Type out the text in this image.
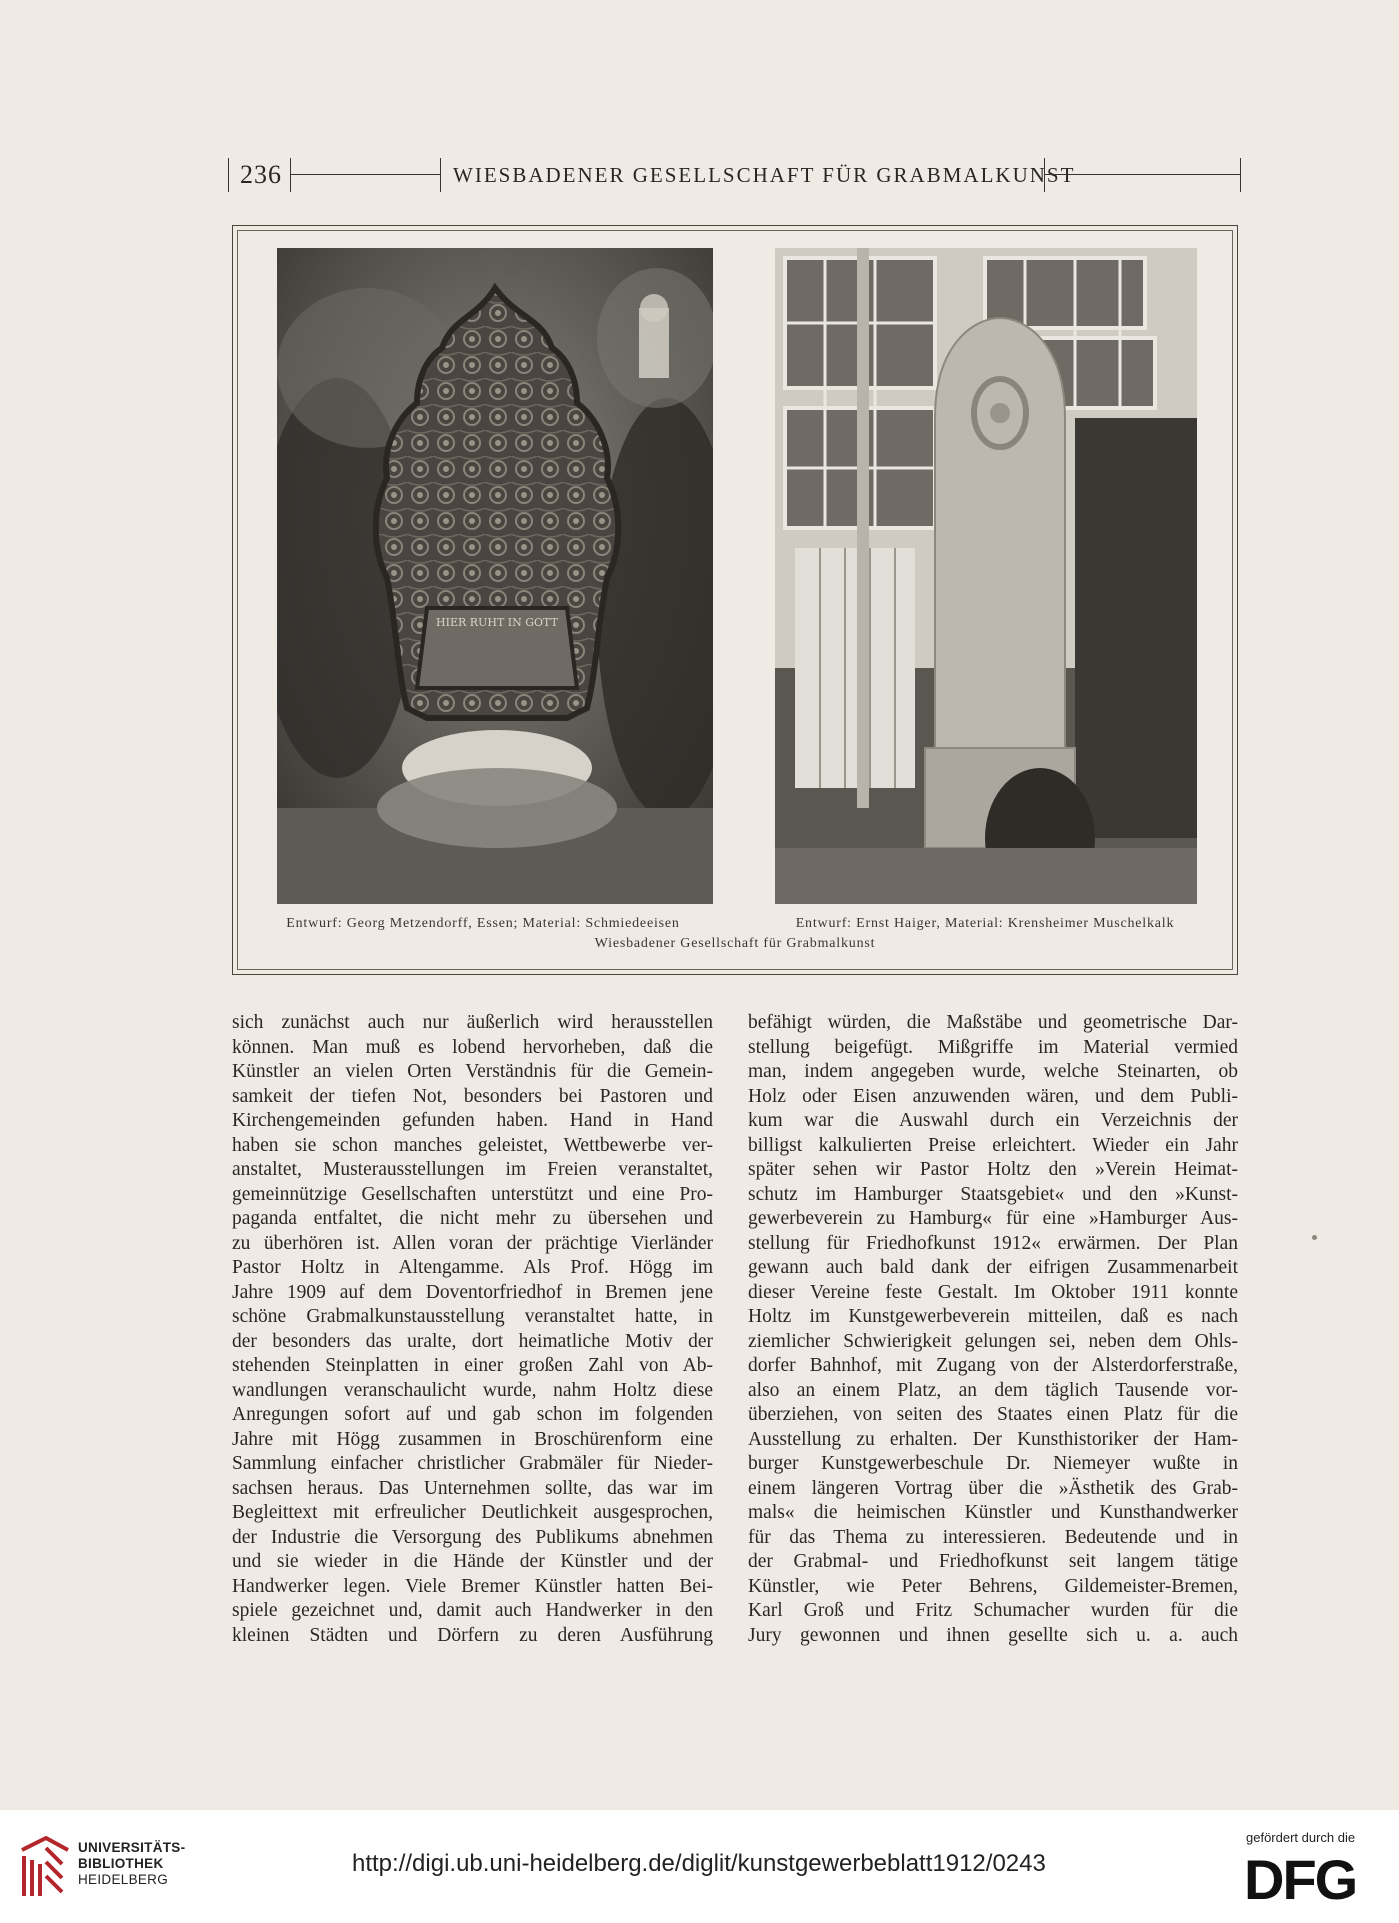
236	WIESBADENER GESELLSCHAFT FÜR GRABMALKUNST
HIER RUHT IN GOTT
Entwurf: Georg Metzendorff, Essen; Material: Schmiedeeisen	Entwurf: Ernst Haiger, Material: Krensheimer Muschelkalk
Wiesbadener Gesellschaft für Grabmalkunst
sich zunächst auch nur äußerlich wird herausstellen
können. Man muß es lobend hervorheben, daß die
Künstler an vielen Orten Verständnis für die Gemein-
samkeit der tiefen Not, besonders bei Pastoren und
Kirchengemeinden gefunden haben. Hand in Hand
haben sie schon manches geleistet, Wettbewerbe ver-
anstaltet, Musterausstellungen im Freien veranstaltet,
gemeinnützige Gesellschaften unterstützt und eine Pro-
paganda entfaltet, die nicht mehr zu übersehen und
zu überhören ist. Allen voran der prächtige Vierländer
Pastor Holtz in Altengamme. Als Prof. Högg im
Jahre 1909 auf dem Doventorfriedhof in Bremen jene
schöne Grabmalkunstausstellung veranstaltet hatte, in
der besonders das uralte, dort heimatliche Motiv der
stehenden Steinplatten in einer großen Zahl von Ab-
wandlungen veranschaulicht wurde, nahm Holtz diese
Anregungen sofort auf und gab schon im folgenden
Jahre mit Högg zusammen in Broschürenform eine
Sammlung einfacher christlicher Grabmäler für Nieder-
sachsen heraus. Das Unternehmen sollte, das war im
Begleittext mit erfreulicher Deutlichkeit ausgesprochen,
der Industrie die Versorgung des Publikums abnehmen
und sie wieder in die Hände der Künstler und der
Handwerker legen. Viele Bremer Künstler hatten Bei-
spiele gezeichnet und, damit auch Handwerker in den
kleinen Städten und Dörfern zu deren Ausführung
befähigt würden, die Maßstäbe und geometrische Dar-
stellung beigefügt. Mißgriffe im Material vermied
man, indem angegeben wurde, welche Steinarten, ob
Holz oder Eisen anzuwenden wären, und dem Publi-
kum war die Auswahl durch ein Verzeichnis der
billigst kalkulierten Preise erleichtert. Wieder ein Jahr
später sehen wir Pastor Holtz den »Verein Heimat-
schutz im Hamburger Staatsgebiet« und den »Kunst-
gewerbeverein zu Hamburg« für eine »Hamburger Aus-
stellung für Friedhofkunst 1912« erwärmen. Der Plan
gewann auch bald dank der eifrigen Zusammenarbeit
dieser Vereine feste Gestalt. Im Oktober 1911 konnte
Holtz im Kunstgewerbeverein mitteilen, daß es nach
ziemlicher Schwierigkeit gelungen sei, neben dem Ohls-
dorfer Bahnhof, mit Zugang von der Alsterdorferstraße,
also an einem Platz, an dem täglich Tausende vor-
überziehen, von seiten des Staates einen Platz für die
Ausstellung zu erhalten. Der Kunsthistoriker der Ham-
burger Kunstgewerbeschule Dr. Niemeyer wußte in
einem längeren Vortrag über die »Ästhetik des Grab-
mals« die heimischen Künstler und Kunsthandwerker
für das Thema zu interessieren. Bedeutende und in
der Grabmal- und Friedhofkunst seit langem tätige
Künstler, wie Peter Behrens, Gildemeister-Bremen,
Karl Groß und Fritz Schumacher wurden für die
Jury gewonnen und ihnen gesellte sich u. a. auch
UNIVERSITÄTS-
BIBLIOTHEK
HEIDELBERG
http://digi.ub.uni-heidelberg.de/diglit/kunstgewerbeblatt1912/0243
gefördert durch die
DFG
